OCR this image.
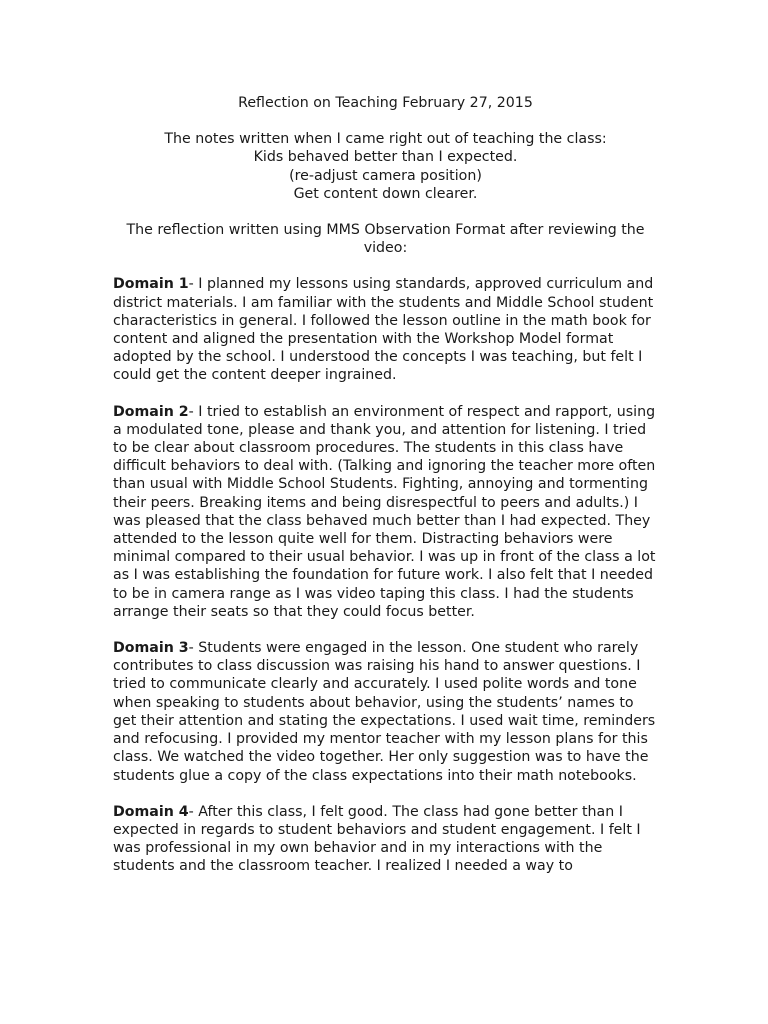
Reflection on Teaching February 27, 2015
The notes written when I came right out of teaching the class:
Kids behaved better than I expected.
(re-adjust camera position)
Get content down clearer.
The reflection written using MMS Observation Format after reviewing the video:
Domain 1- I planned my lessons using standards, approved curriculum and district materials. I am familiar with the students and Middle School student characteristics in general. I followed the lesson outline in the math book for content and aligned the presentation with the Workshop Model format adopted by the school. I understood the concepts I was teaching, but felt I could get the content deeper ingrained.
Domain 2- I tried to establish an environment of respect and rapport, using a modulated tone, please and thank you, and attention for listening. I tried to be clear about classroom procedures. The students in this class have difficult behaviors to deal with. (Talking and ignoring the teacher more often than usual with Middle School Students. Fighting, annoying and tormenting their peers. Breaking items and being disrespectful to peers and adults.) I was pleased that the class behaved much better than I had expected. They attended to the lesson quite well for them. Distracting behaviors were minimal compared to their usual behavior. I was up in front of the class a lot as I was establishing the foundation for future work. I also felt that I needed to be in camera range as I was video taping this class. I had the students arrange their seats so that they could focus better.
Domain 3- Students were engaged in the lesson. One student who rarely contributes to class discussion was raising his hand to answer questions. I tried to communicate clearly and accurately. I used polite words and tone when speaking to students about behavior, using the students’ names to get their attention and stating the expectations. I used wait time, reminders and refocusing. I provided my mentor teacher with my lesson plans for this class. We watched the video together. Her only suggestion was to have the students glue a copy of the class expectations into their math notebooks.
Domain 4- After this class, I felt good. The class had gone better than I expected in regards to student behaviors and student engagement. I felt I was professional in my own behavior and in my interactions with the students and the classroom teacher. I realized I needed a way to
